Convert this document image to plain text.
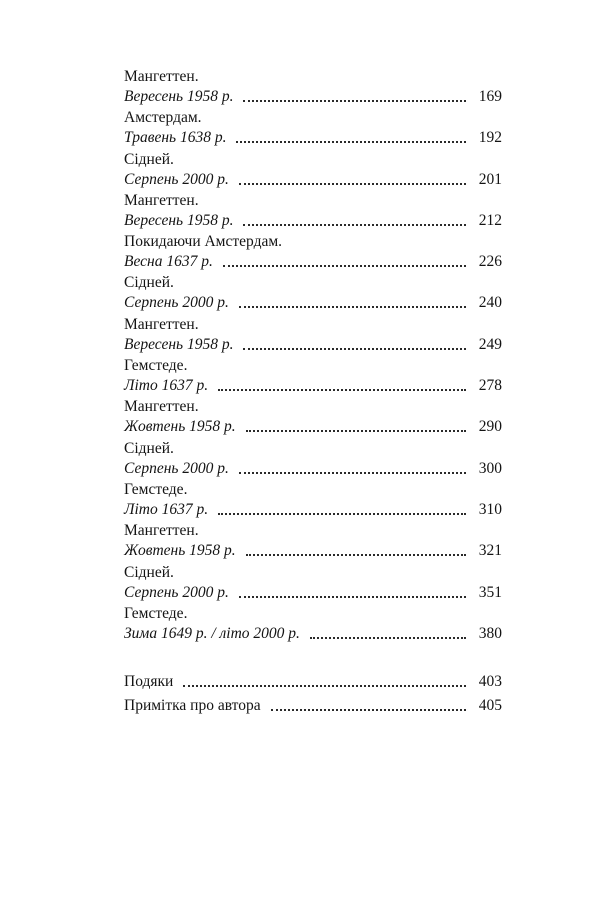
Мангеттен.
Вересень 1958 р.	169
Амстердам.
Травень 1638 р.	192
Сідней.
Серпень 2000 р.	201
Мангеттен.
Вересень 1958 р.	212
Покидаючи Амстердам.
Весна 1637 р.	226
Сідней.
Серпень 2000 р.	240
Мангеттен.
Вересень 1958 р.	249
Гемстеде.
Літо 1637 р.	278
Мангеттен.
Жовтень 1958 р.	290
Сідней.
Серпень 2000 р.	300
Гемстеде.
Літо 1637 р.	310
Мангеттен.
Жовтень 1958 р.	321
Сідней.
Серпень 2000 р.	351
Гемстеде.
Зима 1649 р. / літо 2000 р.	380
Подяки	403
Примітка про автора	405
